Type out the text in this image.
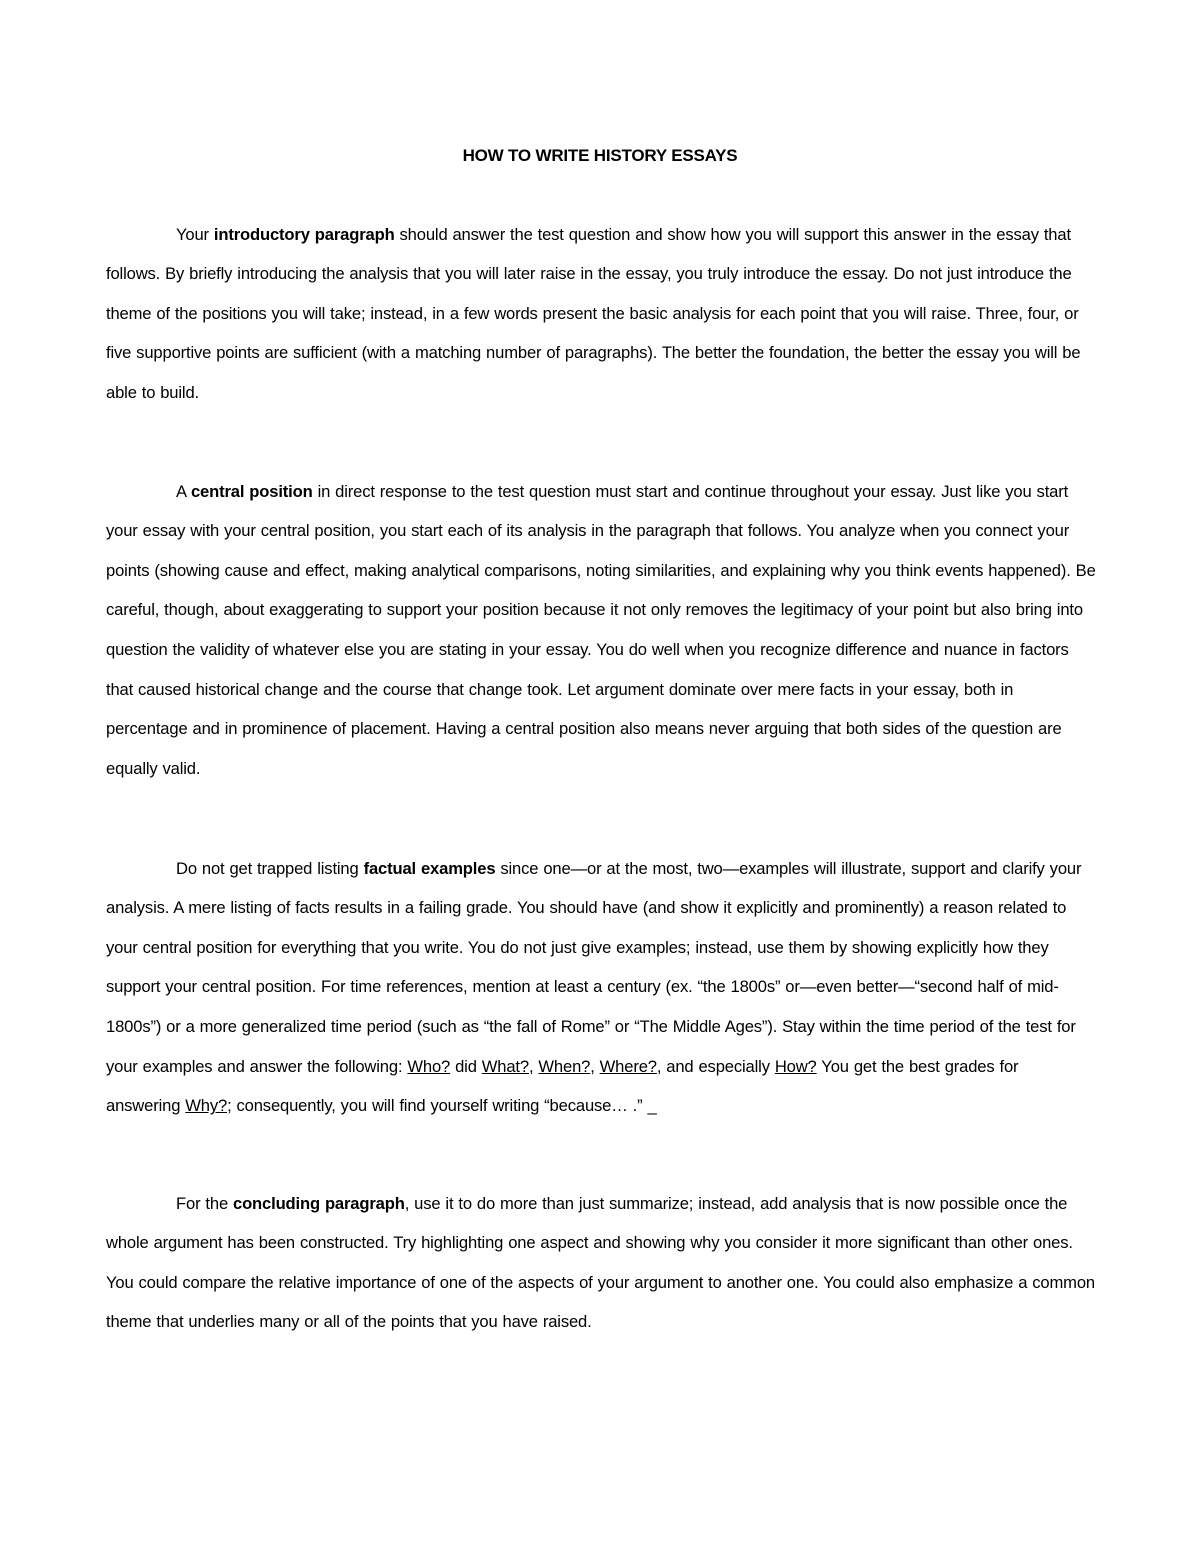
HOW TO WRITE HISTORY ESSAYS

Your introductory paragraph should answer the test question and show how you will support this answer in the essay that follows. By briefly introducing the analysis that you will later raise in the essay, you truly introduce the essay. Do not just introduce the theme of the positions you will take; instead, in a few words present the basic analysis for each point that you will raise. Three, four, or five supportive points are sufficient (with a matching number of paragraphs). The better the foundation, the better the essay you will be able to build.

A central position in direct response to the test question must start and continue throughout your essay. Just like you start your essay with your central position, you start each of its analysis in the paragraph that follows. You analyze when you connect your points (showing cause and effect, making analytical comparisons, noting similarities, and explaining why you think events happened). Be careful, though, about exaggerating to support your position because it not only removes the legitimacy of your point but also bring into question the validity of whatever else you are stating in your essay. You do well when you recognize difference and nuance in factors that caused historical change and the course that change took. Let argument dominate over mere facts in your essay, both in percentage and in prominence of placement. Having a central position also means never arguing that both sides of the question are equally valid.

Do not get trapped listing factual examples since one—or at the most, two—examples will illustrate, support and clarify your analysis. A mere listing of facts results in a failing grade. You should have (and show it explicitly and prominently) a reason related to your central position for everything that you write. You do not just give examples; instead, use them by showing explicitly how they support your central position. For time references, mention at least a century (ex. “the 1800s” or—even better—“second half of mid-1800s”) or a more generalized time period (such as “the fall of Rome” or “The Middle Ages”). Stay within the time period of the test for your examples and answer the following: Who? did What?, When?, Where?, and especially How? You get the best grades for answering Why?; consequently, you will find yourself writing “because… .” _

For the concluding paragraph, use it to do more than just summarize; instead, add analysis that is now possible once the whole argument has been constructed. Try highlighting one aspect and showing why you consider it more significant than other ones. You could compare the relative importance of one of the aspects of your argument to another one. You could also emphasize a common theme that underlies many or all of the points that you have raised.
